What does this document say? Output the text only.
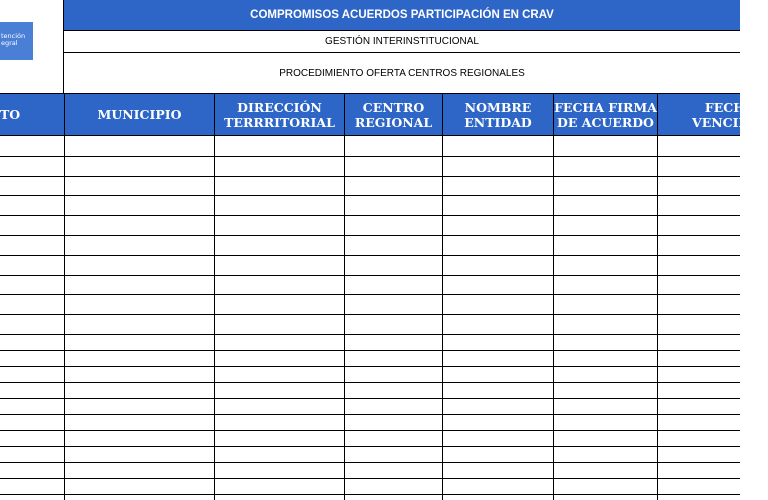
tención
egral
COMPROMISOS ACUERDOS PARTICIPACIÓN EN CRAV
GESTIÓN INTERINSTITUCIONAL
PROCEDIMIENTO OFERTA CENTROS REGIONALES
TO	MUNICIPIO	DIRECCIÓN
TERRRITORIAL
CENTRO
REGIONAL
NOMBRE
ENTIDAD
FECHA FIRMA
DE ACUERDO
FECHA
VENCIMIE
